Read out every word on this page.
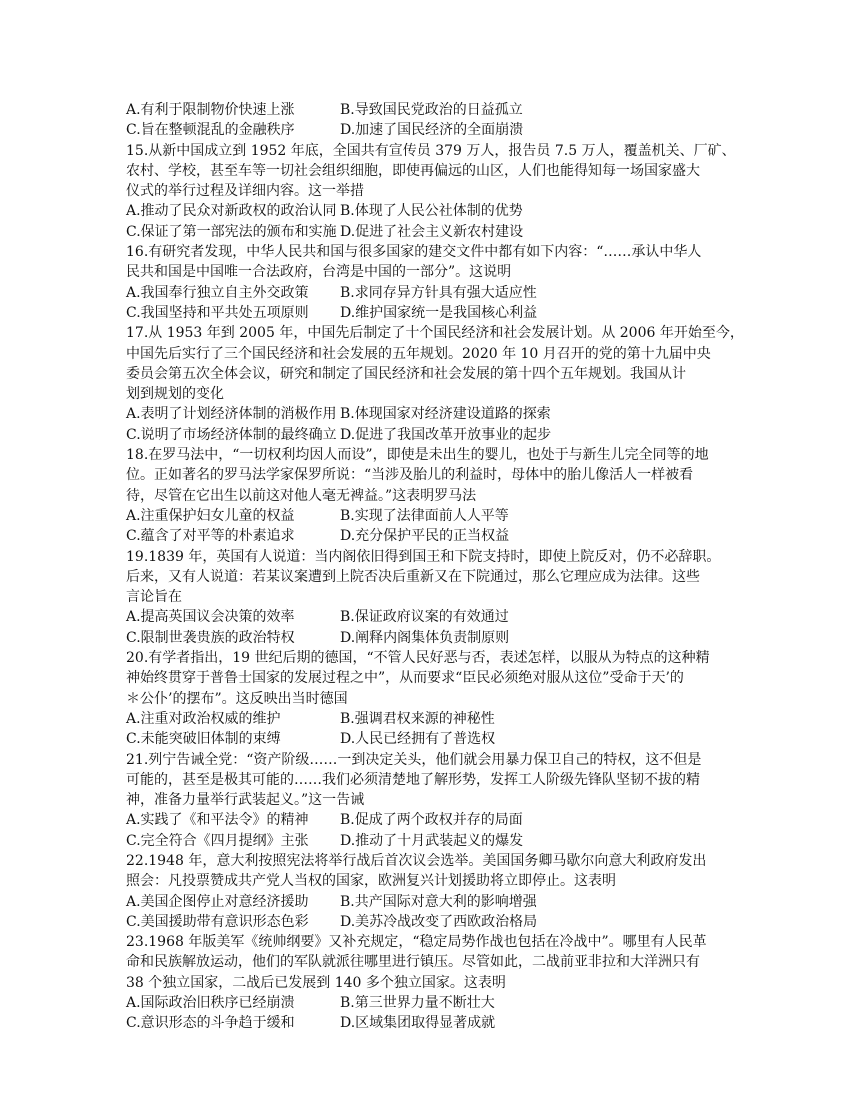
A.有利于限制物价快速上涨	B.导致国民党政治的日益孤立
C.旨在整顿混乱的金融秩序	D.加速了国民经济的全面崩溃
15.从新中国成立到 1952 年底，全国共有宣传员 379 万人，报告员 7.5 万人，覆盖机关、厂矿、
农村、学校，甚至车等一切社会组织细胞，即使再偏远的山区，人们也能得知每一场国家盛大
仪式的举行过程及详细内容。这一举措
A.推动了民众对新政权的政治认同 B.体现了人民公社体制的优势
C.保证了第一部宪法的颁布和实施 D.促进了社会主义新农村建设
16.有研究者发现，中华人民共和国与很多国家的建交文件中都有如下内容：“……承认中华人
民共和国是中国唯一合法政府，台湾是中国的一部分”。这说明
A.我国奉行独立自主外交政策 B.求同存异方针具有强大适应性
C.我国坚持和平共处五项原则 D.维护国家统一是我国核心利益
17.从 1953 年到 2005 年，中国先后制定了十个国民经济和社会发展计划。从 2006 年开始至今，
中国先后实行了三个国民经济和社会发展的五年规划。2020 年 10 月召开的党的第十九届中央
委员会第五次全体会议，研究和制定了国民经济和社会发展的第十四个五年规划。我国从计
划到规划的变化
A.表明了计划经济体制的消极作用 B.体现国家对经济建设道路的探索
C.说明了市场经济体制的最终确立 D.促进了我国改革开放事业的起步
18.在罗马法中，“一切权利均因人而设”，即使是未出生的婴儿，也处于与新生儿完全同等的地
位。正如著名的罗马法学家保罗所说：“当涉及胎儿的利益时，母体中的胎儿像活人一样被看
待，尽管在它出生以前这对他人毫无裨益。”这表明罗马法
A.注重保护妇女儿童的权益	B.实现了法律面前人人平等
C.蕴含了对平等的朴素追求	D.充分保护平民的正当权益
19.1839 年，英国有人说道：当内阁依旧得到国王和下院支持时，即使上院反对，仍不必辞职。
后来，又有人说道：若某议案遭到上院否决后重新又在下院通过，那么它理应成为法律。这些
言论旨在
A.提高英国议会决策的效率	B.保证政府议案的有效通过
C.限制世袭贵族的政治特权	D.阐释内阁集体负责制原则
20.有学者指出，19 世纪后期的德国，“不管人民好恶与否，表述怎样，以服从为特点的这种精
神始终贯穿于普鲁士国家的发展过程之中”，从而要求“臣民必须绝对服从这位”受命于天’的
＊公仆’的摆布”。这反映出当时德国
A.注重对政治权威的维护	B.强调君权来源的神秘性
C.未能突破旧体制的束缚	D.人民已经拥有了普选权
21.列宁告诫全党：“资产阶级……一到决定关头，他们就会用暴力保卫自己的特权，这不但是
可能的，甚至是极其可能的……我们必须清楚地了解形势，发挥工人阶级先锋队坚韧不拔的精
神，准备力量举行武装起义。”这一告诫
A.实践了《和平法令》的精神 B.促成了两个政权并存的局面
C.完全符合《四月提纲》主张 D.推动了十月武装起义的爆发
22.1948 年，意大利按照宪法将举行战后首次议会选举。美国国务卿马歇尔向意大利政府发出
照会：凡投票赞成共产党人当权的国家，欧洲复兴计划援助将立即停止。这表明
A.美国企图停止对意经济援助 B.共产国际对意大利的影响增强
C.美国援助带有意识形态色彩 D.美苏冷战改变了西欧政治格局
23.1968 年版美军《统帅纲要》又补充规定，“稳定局势作战也包括在冷战中”。哪里有人民革
命和民族解放运动，他们的军队就派往哪里进行镇压。尽管如此，二战前亚非拉和大洋洲只有
38 个独立国家，二战后已发展到 140 多个独立国家。这表明
A.国际政治旧秩序已经崩溃	B.第三世界力量不断壮大
C.意识形态的斗争趋于缓和	D.区域集团取得显著成就
